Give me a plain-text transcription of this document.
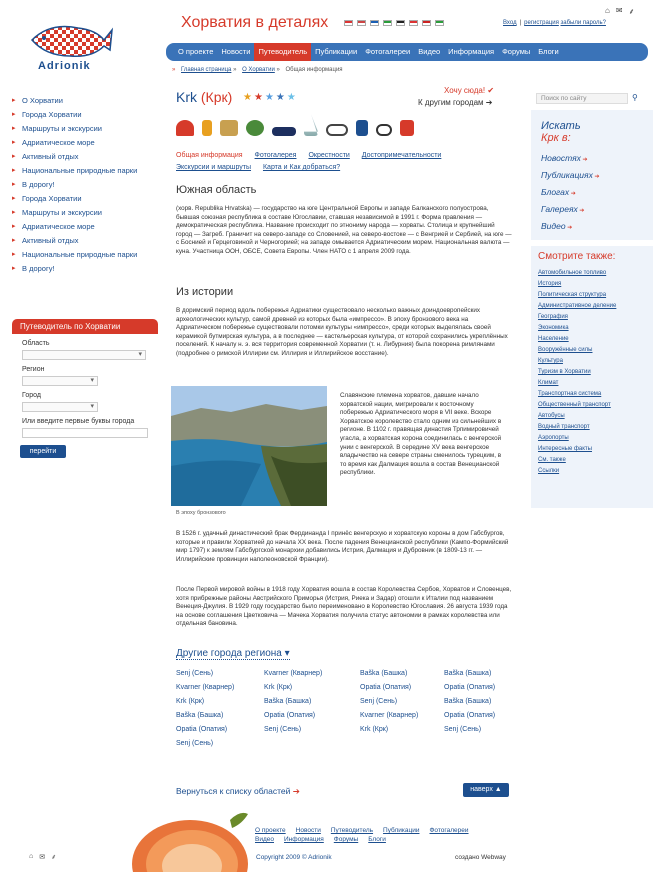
Adrionik
Хорватия в деталях
⌂ ✉ ⸙
Вход | регистрация забыли пароль?
О проекте	Новости	Путеводитель	Публикации	Фотогалереи	Видео	Информация	Форумы	Блоги
» Главная страница » О Хорватии » Общая информация
▸ О Хорватии
▸ Города Хорватии
▸ Маршруты и экскурсии
▸ Адриатическое море
▸ Активный отдых
▸ Национальные природные парки
▸ В дорогу!
▸ Города Хорватии
▸ Маршруты и экскурсии
▸ Адриатическое море
▸ Активный отдых
▸ Национальные природные парки
▸ В дорогу!
Путеводитель по Хорватии
Область
▾
Регион
▾
Город
▾
Или введите первые буквы города
перейти
Krk (Крк) ★ ★ ★ ★ ★
Хочу сюда! ✔
К другим городам ➔
Общая информация Фотогалерея Окрестности Достопримечательности
Экскурсии и маршруты Карта и Как добраться?
Южная область
(хорв. Republika Hrvatska) — государство на юге Центральной Европы и западе Балканского полуострова, бывшая союзная республика в составе Югославии, ставшая независимой в 1991 г. Форма правления — демократическая республика. Название происходит по этнониму народа — хорваты. Столица и крупнейший город — Загреб. Граничит на северо-западе со Словенией, на северо-востоке — с Венгрией и Сербией, на юге — с Боснией и Герцеговиной и Черногорией; на западе омывается Адриатическим морем. Национальная валюта — куна. Участница ООН, ОБСЕ, Совета Европы. Член НАТО с 1 апреля 2009 года.
Из истории
В доримский период вдоль побережья Адриатики существовало несколько важных доиндоевропейских археологических культур, самой древней из которых была «импрессо». В эпоху бронзового века на Адриатическом побережье существовали потомки культуры «импрессо», среди которых выделялась своей керамикой бутмирская культура, а в последнее — кастельерская культура, от которой сохранились укреплённых поселений. К началу н. э. вся территория современной Хорватии (т. н. Либурния) была покорена римлянами (подробнее о римской Иллирии см. Иллирия и Иллирийское восстание).
В эпоху бронзового
Славянские племена хорватов, давшие начало хорватской нации, мигрировали к восточному побережью Адриатического моря в VII веке. Вскоре Хорватское королевство стало одним из сильнейших в регионе. В 1102 г. правящая династия Трпимировичей угасла, а хорватская корона соединилась с венгерской унии с венгерской. В середине XV века венгерское владычество на севере страны сменилось турецким, в то время как Далмация вошла в состав Венецианской республики.
В 1526 г. удачный династический брак Фердинанда I принёс венгерскую и хорватскую короны в дом Габсбургов, которые и правили Хорватией до начала XX века. После падения Венецианской республики (Кампо-Формийский мир 1797) к землям Габсбургской монархии добавились Истрия, Далмация и Дубровник (в 1809-13 гг. — Иллирийские провинции наполеоновской Франции).
После Первой мировой войны в 1918 году Хорватия вошла в состав Королевства Сербов, Хорватов и Словенцев, хотя прибрежные районы Австрийского Приморья (Истрия, Риека и Задар) отошли к Италии под названием Венеция-Джулия. В 1929 году государство было переименовано в Королевство Югославия. 26 августа 1939 года на основе соглашения Цветковича — Мачека Хорватия получила статус автономии в рамках королевства или отдельная бановина.
Другие города региона ▾
Senj (Сень)	Kvarner (Кварнер)	Baška (Башка)	Baška (Башка)
Kvarner (Кварнер)	Krk (Крк)	Opatia (Опатия)	Opatia (Опатия)
Krk (Крк)	Baška (Башка)	Senj (Сень)	Baška (Башка)
Baška (Башка)	Opatia (Опатия)	Kvarner (Кварнер)	Opatia (Опатия)
Opatia (Опатия)	Senj (Сень)	Krk (Крк)	Senj (Сень)
Senj (Сень)
Вернуться к списку областей ➔	наверх ▲
Поиск по сайту	⚲
Искать
Крк в:
Новостях ➔
Публикациях ➔
Блогах ➔
Галереях ➔
Видео ➔
Смотрите также:
Автомобильное топливо
История
Политическая структура
Административное деление
География
Экономика
Население
Вооружённые силы
Культура
Туризм в Хорватии
Климат
Транспортная система
Общественный транспорт
Автобусы
Водный транспорт
Аэропорты
Интересные факты
См. также
Ссылки
О проекте Новости Путеводитель Публикации Фотогалереи
Видео Информация Форумы Блоги
Copyright 2009 © Adrionik	создано Webway
⌂ ✉ ⸙
